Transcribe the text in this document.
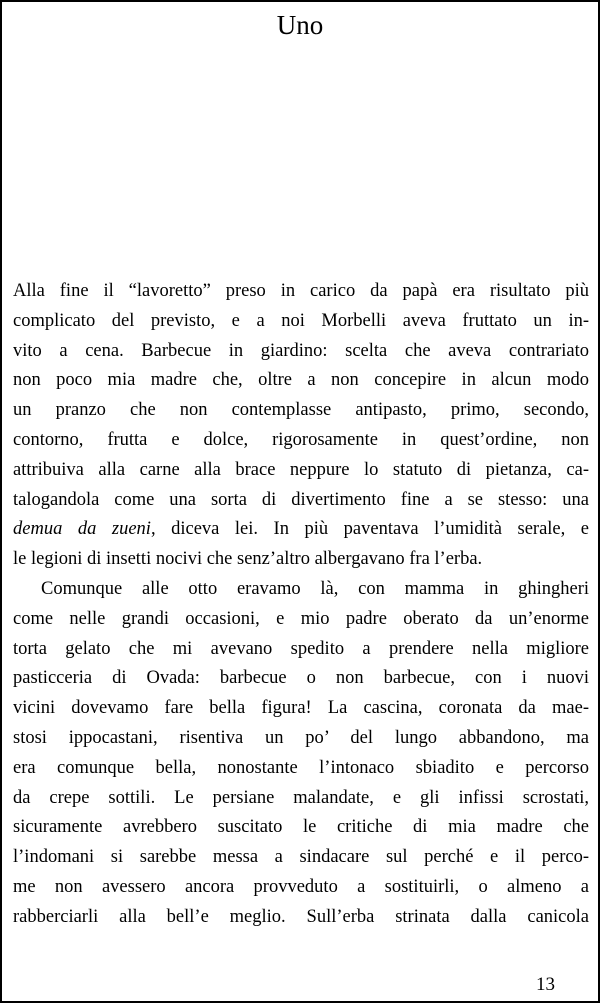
Uno
Alla fine il “lavoretto” preso in carico da papà era risultato più
complicato del previsto, e a noi Morbelli aveva fruttato un in-
vito a cena. Barbecue in giardino: scelta che aveva contrariato
non poco mia madre che, oltre a non concepire in alcun modo
un pranzo che non contemplasse antipasto, primo, secondo,
contorno, frutta e dolce, rigorosamente in quest’ordine, non
attribuiva alla carne alla brace neppure lo statuto di pietanza, ca-
talogandola come una sorta di divertimento fine a se stesso: una
demua da zueni, diceva lei. In più paventava l’umidità serale, e
le legioni di insetti nocivi che senz’altro albergavano fra l’erba.
Comunque alle otto eravamo là, con mamma in ghingheri
come nelle grandi occasioni, e mio padre oberato da un’enorme
torta gelato che mi avevano spedito a prendere nella migliore
pasticceria di Ovada: barbecue o non barbecue, con i nuovi
vicini dovevamo fare bella figura! La cascina, coronata da mae-
stosi ippocastani, risentiva un po’ del lungo abbandono, ma
era comunque bella, nonostante l’intonaco sbiadito e percorso
da crepe sottili. Le persiane malandate, e gli infissi scrostati,
sicuramente avrebbero suscitato le critiche di mia madre che
l’indomani si sarebbe messa a sindacare sul perché e il perco-
me non avessero ancora provveduto a sostituirli, o almeno a
rabberciarli alla bell’e meglio. Sull’erba strinata dalla canicola
13
